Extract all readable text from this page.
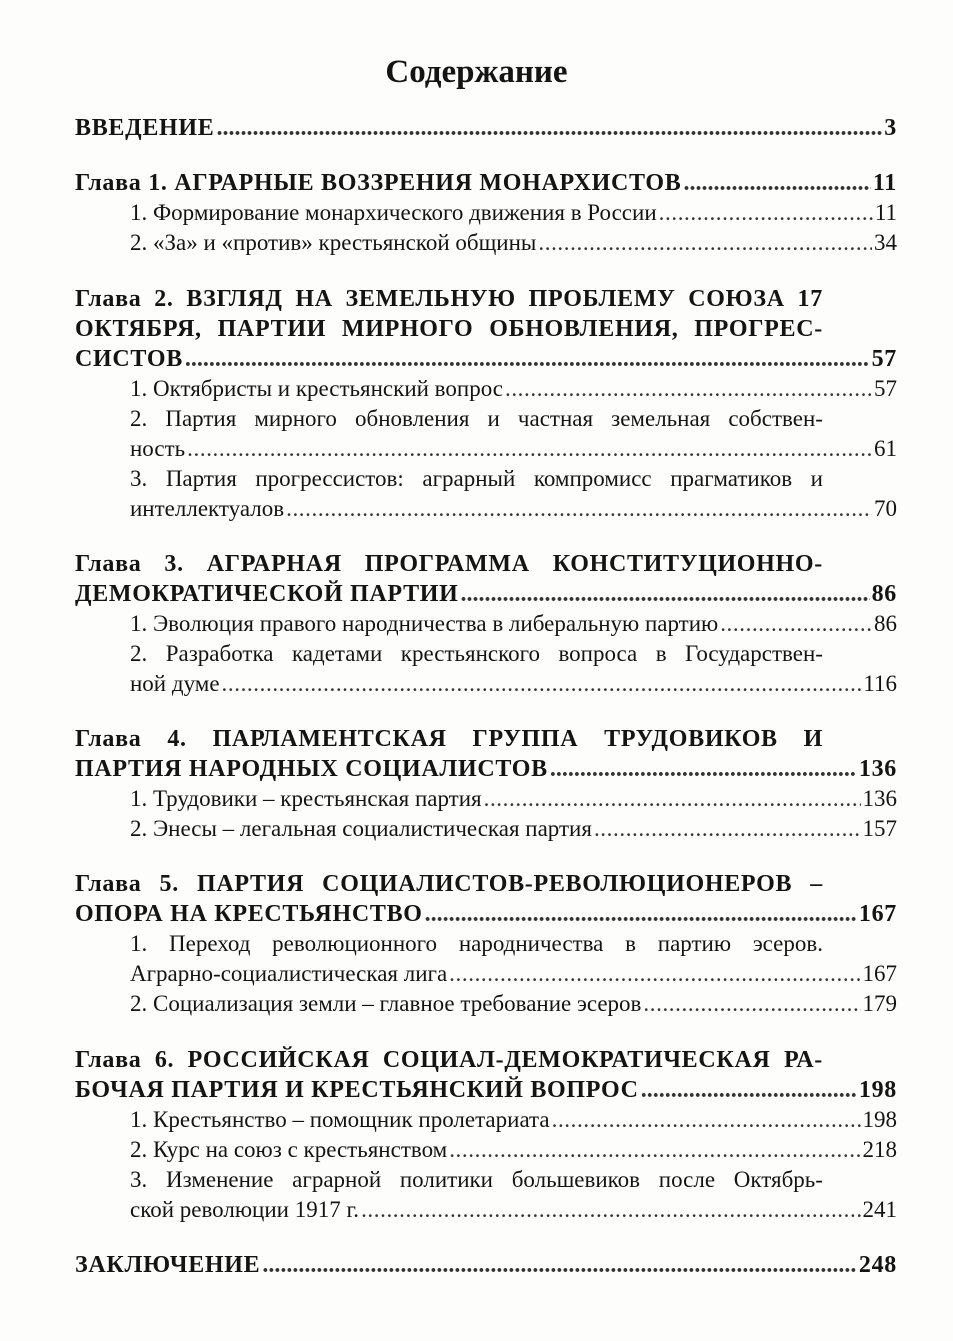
Содержание
ВВЕДЕНИЕ .....	3
Глава 1. АГРАРНЫЕ ВОЗЗРЕНИЯ МОНАРХИСТОВ .....	11
1. Формирование монархического движения в России .....	11
2. «За» и «против» крестьянской общины .....	34
Глава 2. ВЗГЛЯД НА ЗЕМЕЛЬНУЮ ПРОБЛЕМУ СОЮЗА 17
ОКТЯБРЯ, ПАРТИИ МИРНОГО ОБНОВЛЕНИЯ, ПРОГРЕС-
СИСТОВ .....	57
1. Октябристы и крестьянский вопрос .....	57
2. Партия мирного обновления и частная земельная собствен-
ность .....	61
3. Партия прогрессистов: аграрный компромисс прагматиков и
интеллектуалов .....	70
Глава 3. АГРАРНАЯ ПРОГРАММА КОНСТИТУЦИОННО-
ДЕМОКРАТИЧЕСКОЙ ПАРТИИ .....	86
1. Эволюция правого народничества в либеральную партию .....	86
2. Разработка кадетами крестьянского вопроса в Государствен-
ной думе .....	116
Глава 4. ПАРЛАМЕНТСКАЯ ГРУППА ТРУДОВИКОВ И
ПАРТИЯ НАРОДНЫХ СОЦИАЛИСТОВ .....	136
1. Трудовики – крестьянская партия .....	136
2. Энесы – легальная социалистическая партия .....	157
Глава 5. ПАРТИЯ СОЦИАЛИСТОВ-РЕВОЛЮЦИОНЕРОВ –
ОПОРА НА КРЕСТЬЯНСТВО .....	167
1. Переход революционного народничества в партию эсеров.
Аграрно-социалистическая лига .....	167
2. Социализация земли – главное требование эсеров .....	179
Глава 6. РОССИЙСКАЯ СОЦИАЛ-ДЕМОКРАТИЧЕСКАЯ РА-
БОЧАЯ ПАРТИЯ И КРЕСТЬЯНСКИЙ ВОПРОС .....	198
1. Крестьянство – помощник пролетариата .....	198
2. Курс на союз с крестьянством .....	218
3. Изменение аграрной политики большевиков после Октябрь-
ской революции 1917 г. .....	241
ЗАКЛЮЧЕНИЕ .....	248
